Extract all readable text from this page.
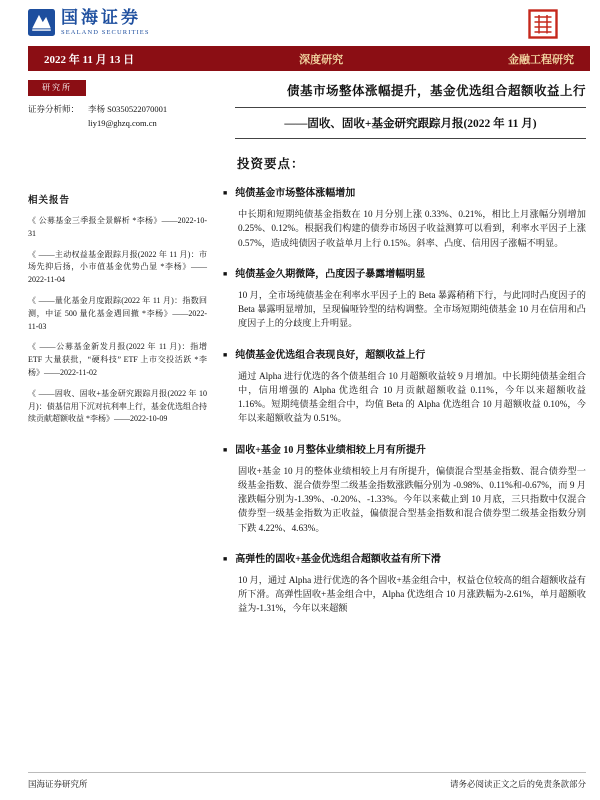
国海证券
SEALAND SECURITIES
2022 年 11 月 13 日	深度研究	金融工程研究
研究所
证券分析师：	李杨 S0350522070001
liy19@ghzq.com.cn
债基市场整体涨幅提升，基金优选组合超额收益上行
——固收、固收+基金研究跟踪月报(2022 年 11 月)
投资要点：
相关报告

《 公募基金三季报全景解析 *李杨》——2022-10-31

《 ——主动权益基金跟踪月报(2022 年 11 月)：市场先抑后扬，小市值基金优势凸显 *李杨》——2022-11-04

《 ——量化基金月度跟踪(2022 年 11 月)：指数回测，中证 500 量化基金遇回撤 *李杨》——2022-11-03

《 ——公募基金新发月报(2022 年 11 月)：指增 ETF 大量获批，“硬科技” ETF 上市交投活跃 *李杨》——2022-11-02

《 ——固收、固收+基金研究跟踪月报(2022 年 10 月)：债基信用下沉对抗利率上行，基金优选组合持续贡献超额收益 *李杨》——2022-10-09

■ 纯债基金市场整体涨幅增加

中长期和短期纯债基金指数在 10 月分别上涨 0.33%、0.21%，相比上月涨幅分别增加 0.25%、0.12%。根据我们构建的债券市场因子收益测算可以看到，利率水平因子上涨 0.57%，造成纯债因子收益单月上行 0.15%。斜率、凸度、信用因子涨幅不明显。

■ 纯债基金久期微降，凸度因子暴露增幅明显

10 月，全市场纯债基金在利率水平因子上的 Beta 暴露稍稍下行，与此同时凸度因子的 Beta 暴露明显增加，呈现偏哑铃型的结构调整。全市场短期纯债基金 10 月在信用和凸度因子上的分歧度上升明显。

■ 纯债基金优选组合表现良好，超额收益上行

通过 Alpha 进行优选的各个债基组合 10 月超额收益较 9 月增加。中长期纯债基金组合中，信用增强的 Alpha 优选组合 10 月贡献超额收益 0.11%，今年以来超额收益 1.16%。短期纯债基金组合中，均值 Beta 的 Alpha 优选组合 10 月超额收益 0.10%，今年以来超额收益为 0.51%。

■ 固收+基金 10 月整体业绩相较上月有所提升

固收+基金 10 月的整体业绩相较上月有所提升，偏债混合型基金指数、混合债券型一级基金指数、混合债券型二级基金指数涨跌幅分别为 -0.98%、0.11%和-0.67%，而 9 月涨跌幅分别为-1.39%、-0.20%、-1.33%。今年以来截止到 10 月底，三只指数中仅混合债券型一级基金指数为正收益，偏债混合型基金指数和混合债券型二级基金指数分别下跌 4.22%、4.63%。

■ 高弹性的固收+基金优选组合超额收益有所下滑

10 月，通过 Alpha 进行优选的各个固收+基金组合中，权益仓位较高的组合超额收益有所下滑。高弹性固收+基金组合中，Alpha 优选组合 10 月涨跌幅为-2.61%，单月超额收益为-1.31%，今年以来超额

国海证券研究所	请务必阅读正文之后的免责条款部分
